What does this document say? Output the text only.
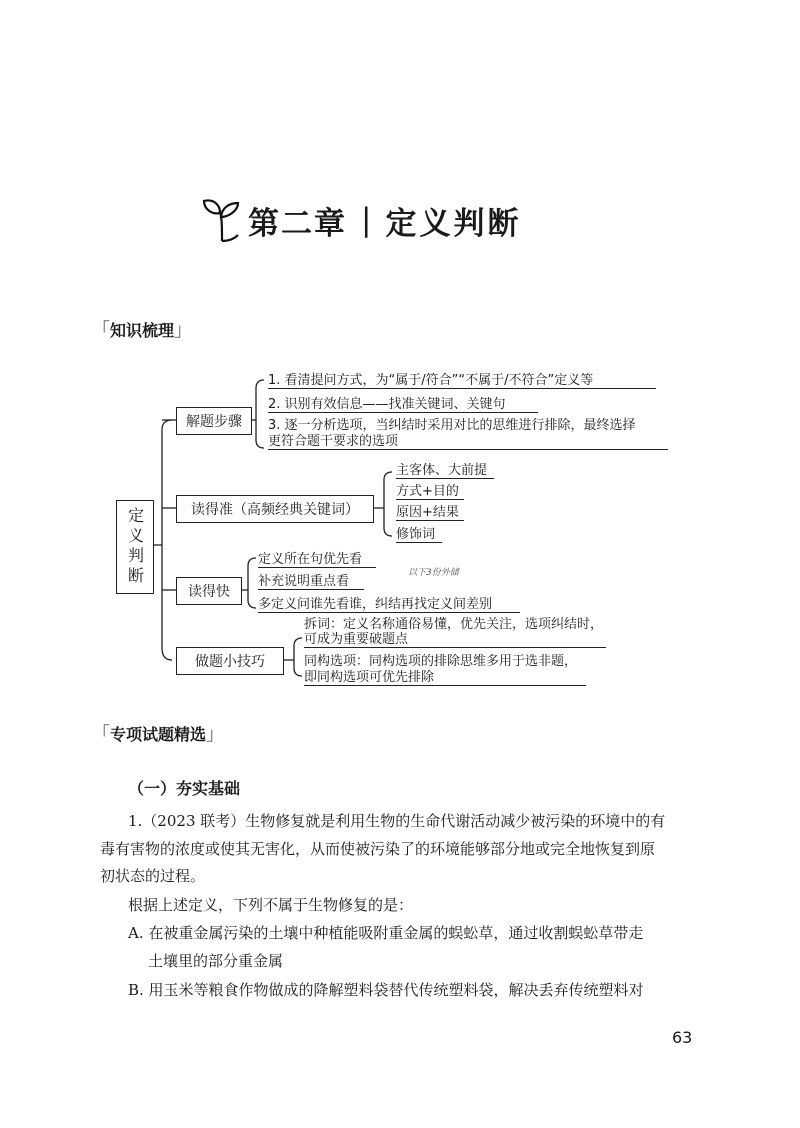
第二章 | 定义判断
「知识梳理」
定义判断
解题步骤
读得准（高频经典关键词）
读得快
做题小技巧
1. 看清提问方式，为“属于/符合”“不属于/不符合”定义等
2. 识别有效信息——找准关键词、关键句
3. 逐一分析选项，当纠结时采用对比的思维进行排除，最终选择
更符合题干要求的选项
主客体、大前提
方式+目的
原因+结果
修饰词
定义所在句优先看
补充说明重点看
多定义问谁先看谁，纠结再找定义间差别
以下3份外储
拆词：定义名称通俗易懂，优先关注，选项纠结时，
可成为重要破题点
同构选项：同构选项的排除思维多用于选非题，
即同构选项可优先排除
「专项试题精选」
（一）夯实基础
1.（2023 联考）生物修复就是利用生物的生命代谢活动减少被污染的环境中的有
毒有害物的浓度或使其无害化，从而使被污染了的环境能够部分地或完全地恢复到原
初状态的过程。
根据上述定义，下列不属于生物修复的是：
A. 在被重金属污染的土壤中种植能吸附重金属的蜈蚣草，通过收割蜈蚣草带走
土壤里的部分重金属
B. 用玉米等粮食作物做成的降解塑料袋替代传统塑料袋，解决丢弃传统塑料对
63
